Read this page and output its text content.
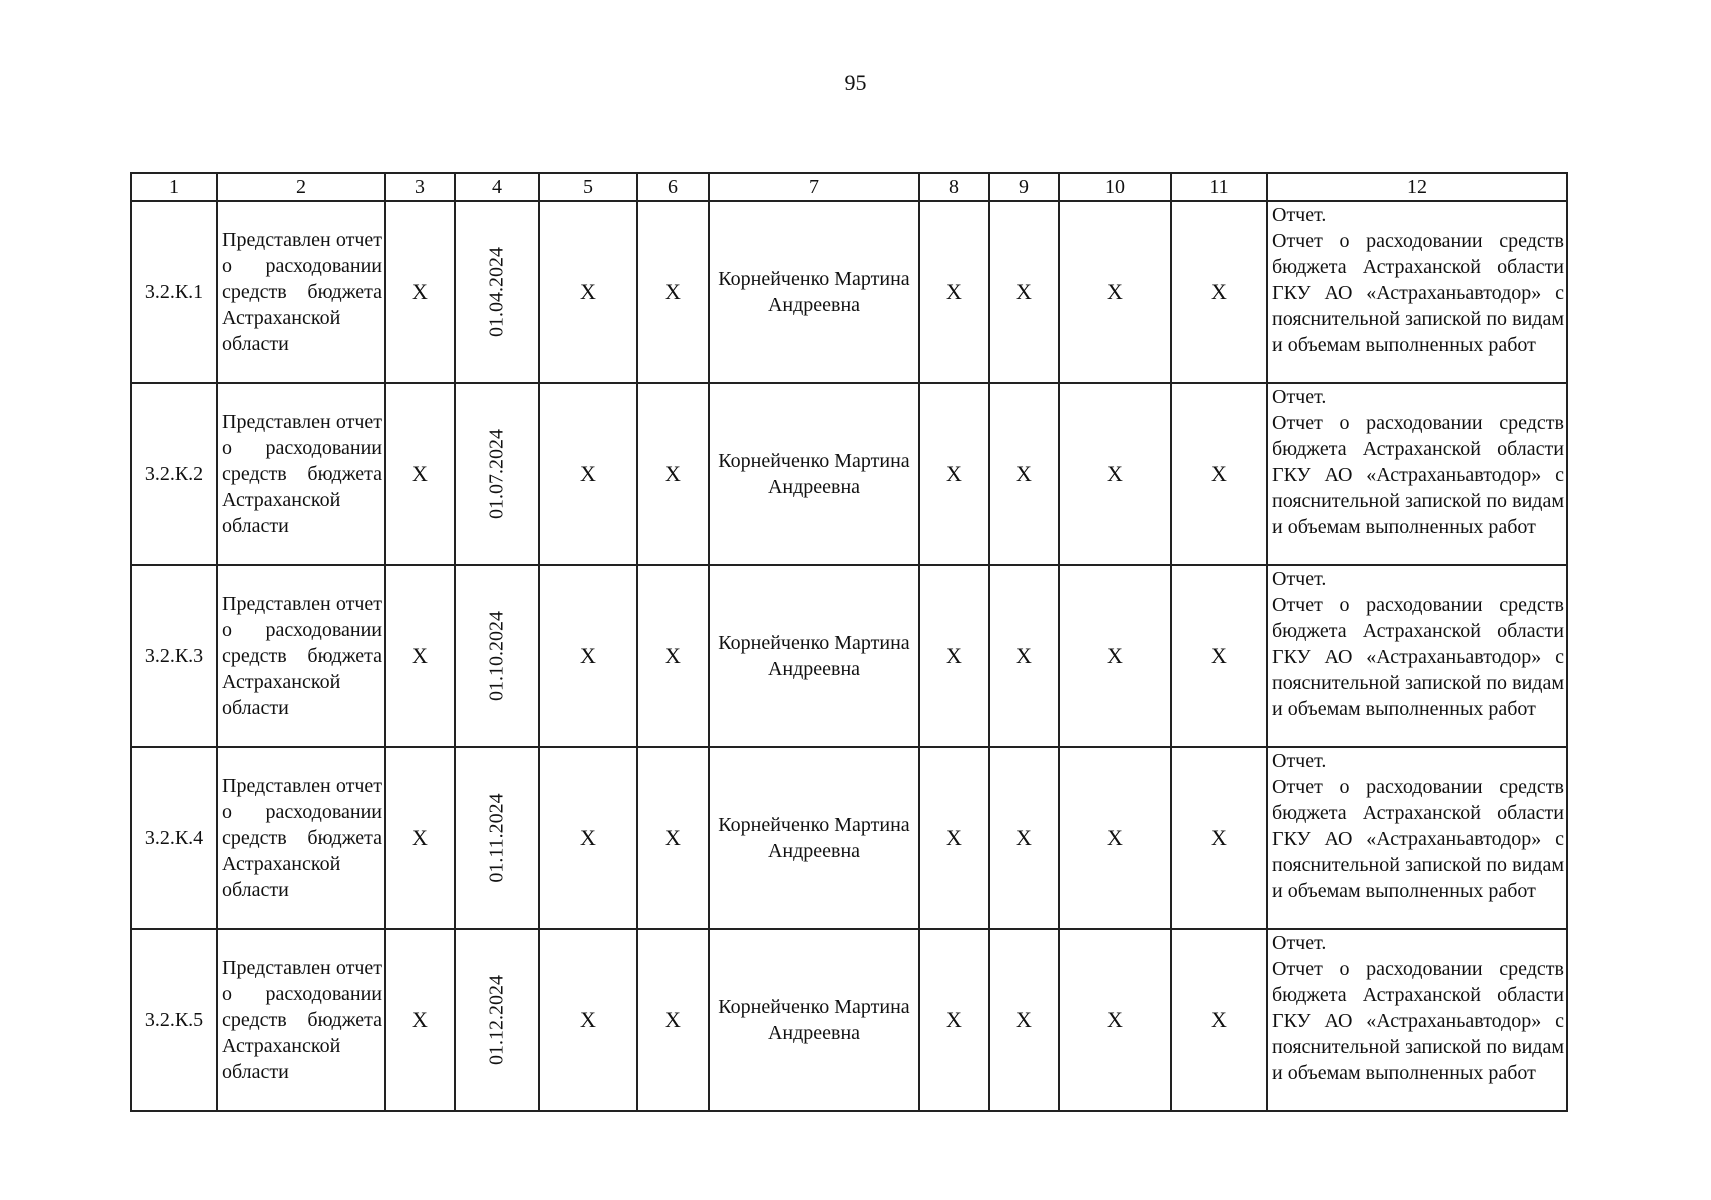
95
1	2	3	4	5	6	7	8	9	10	11	12
3.2.К.1	Представлен отчет о расходовании средств бюджета Астраханской области	X	01.04.2024	X	X	Корнейченко Мартина Андреевна	X	X	X	X	Отчет.
Отчет о расходовании средств бюджета Астраханской области ГКУ АО «Астраханьавтодор» с пояснительной запиской по видам и объемам выполненных работ

3.2.К.2	Представлен отчет о расходовании средств бюджета Астраханской области	X	01.07.2024	X	X	Корнейченко Мартина Андреевна	X	X	X	X	Отчет.
Отчет о расходовании средств бюджета Астраханской области ГКУ АО «Астраханьавтодор» с пояснительной запиской по видам и объемам выполненных работ

3.2.К.3	Представлен отчет о расходовании средств бюджета Астраханской области	X	01.10.2024	X	X	Корнейченко Мартина Андреевна	X	X	X	X	Отчет.
Отчет о расходовании средств бюджета Астраханской области ГКУ АО «Астраханьавтодор» с пояснительной запиской по видам и объемам выполненных работ

3.2.К.4	Представлен отчет о расходовании средств бюджета Астраханской области	X	01.11.2024	X	X	Корнейченко Мартина Андреевна	X	X	X	X	Отчет.
Отчет о расходовании средств бюджета Астраханской области ГКУ АО «Астраханьавтодор» с пояснительной запиской по видам и объемам выполненных работ

3.2.К.5	Представлен отчет о расходовании средств бюджета Астраханской области	X	01.12.2024	X	X	Корнейченко Мартина Андреевна	X	X	X	X	Отчет.
Отчет о расходовании средств бюджета Астраханской области ГКУ АО «Астраханьавтодор» с пояснительной запиской по видам и объемам выполненных работ
